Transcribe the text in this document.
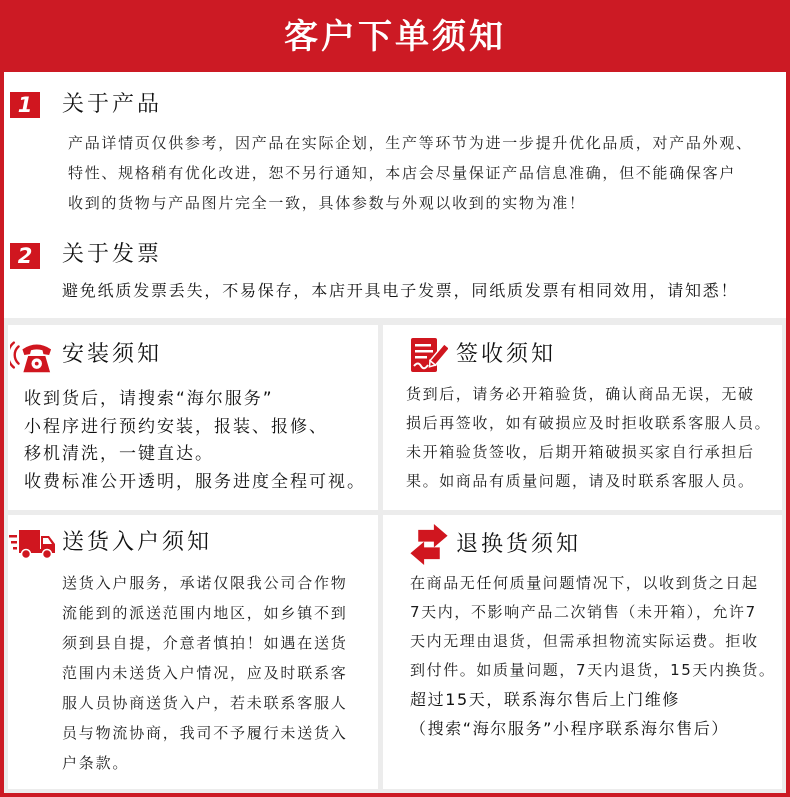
客户下单须知
1	关于产品
产品详情页仅供参考，因产品在实际企划，生产等环节为进一步提升优化品质，对产品外观、
特性、规格稍有优化改进，恕不另行通知，本店会尽量保证产品信息准确，但不能确保客户
收到的货物与产品图片完全一致，具体参数与外观以收到的实物为准！
2	关于发票
避免纸质发票丢失，不易保存，本店开具电子发票，同纸质发票有相同效用，请知悉！
安装须知
收到货后，请搜索“海尔服务”
小程序进行预约安装，报装、报修、
移机清洗，一键直达。
收费标准公开透明，服务进度全程可视。
签收须知
货到后，请务必开箱验货，确认商品无误，无破
损后再签收，如有破损应及时拒收联系客服人员。
未开箱验货签收，后期开箱破损买家自行承担后
果。如商品有质量问题，请及时联系客服人员。
送货入户须知
送货入户服务，承诺仅限我公司合作物
流能到的派送范围内地区，如乡镇不到
须到县自提，介意者慎拍！如遇在送货
范围内未送货入户情况，应及时联系客
服人员协商送货入户，若未联系客服人
员与物流协商，我司不予履行未送货入
户条款。
退换货须知
在商品无任何质量问题情况下，以收到货之日起
7天内，不影响产品二次销售（未开箱），允许7
天内无理由退货，但需承担物流实际运费。拒收
到付件。如质量问题，7天内退货，15天内换货。
超过15天，联系海尔售后上门维修
（搜索“海尔服务”小程序联系海尔售后）
